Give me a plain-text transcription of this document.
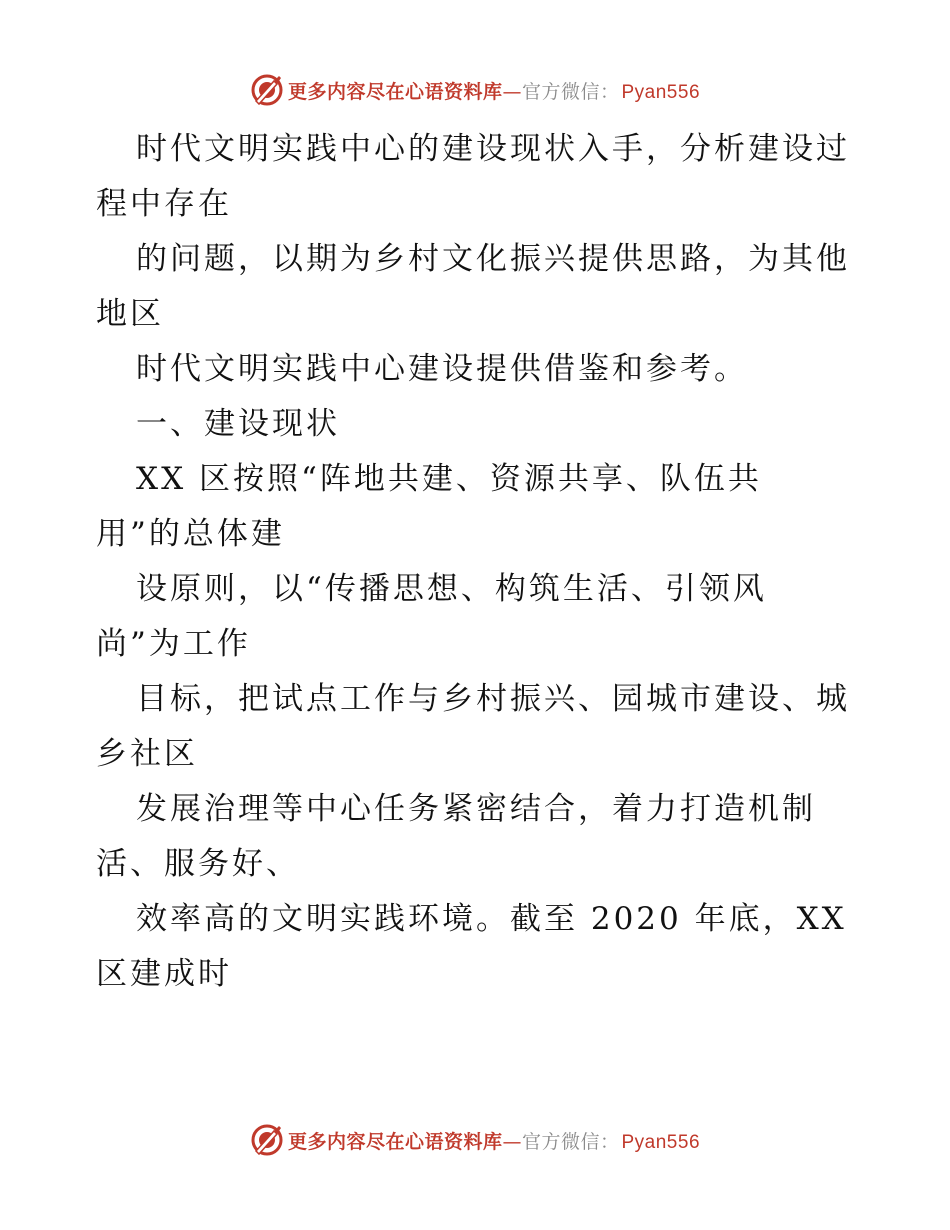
更多内容尽在心语资料库—官方微信： Pyan556
时代文明实践中心的建设现状入手，分析建设过
程中存在
的问题，以期为乡村文化振兴提供思路，为其他
地区
时代文明实践中心建设提供借鉴和参考。
一、建设现状
XX 区按照“阵地共建、资源共享、队伍共
用”的总体建
设原则，以“传播思想、构筑生活、引领风
尚”为工作
目标，把试点工作与乡村振兴、园城市建设、城
乡社区
发展治理等中心任务紧密结合，着力打造机制
活、服务好、
效率高的文明实践环境。截至 2020 年底，XX
区建成时
更多内容尽在心语资料库—官方微信： Pyan556
